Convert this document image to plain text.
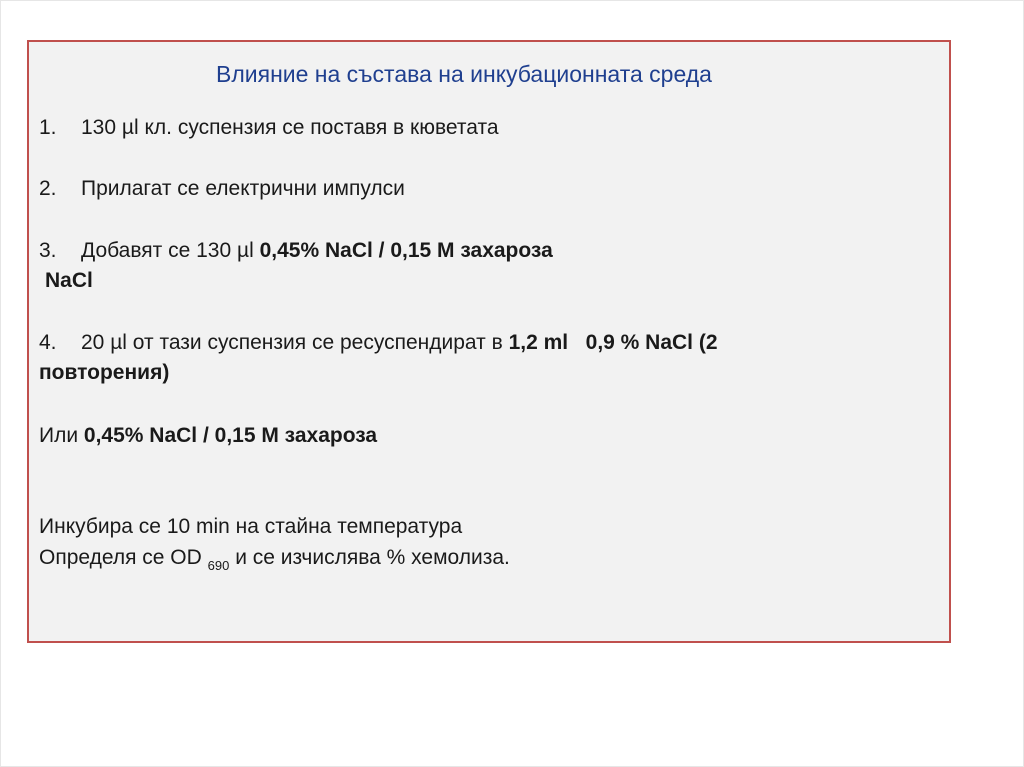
Влияние на състава на инкубационната среда
1. 130 µl кл. суспензия се поставя в кюветата
2. Прилагат се електрични импулси
3. Добавят се 130 µl 0,45% NaCl / 0,15 М захароза
NaCl
4. 20 µl от тази суспензия се ресуспендират в 1,2 ml 0,9 % NaCl (2
повторения)
Или 0,45% NaCl / 0,15 М захароза
Инкубира се 10 min на стайна температура
Определя се OD $_{690}$ и се изчислява % хемолиза.
